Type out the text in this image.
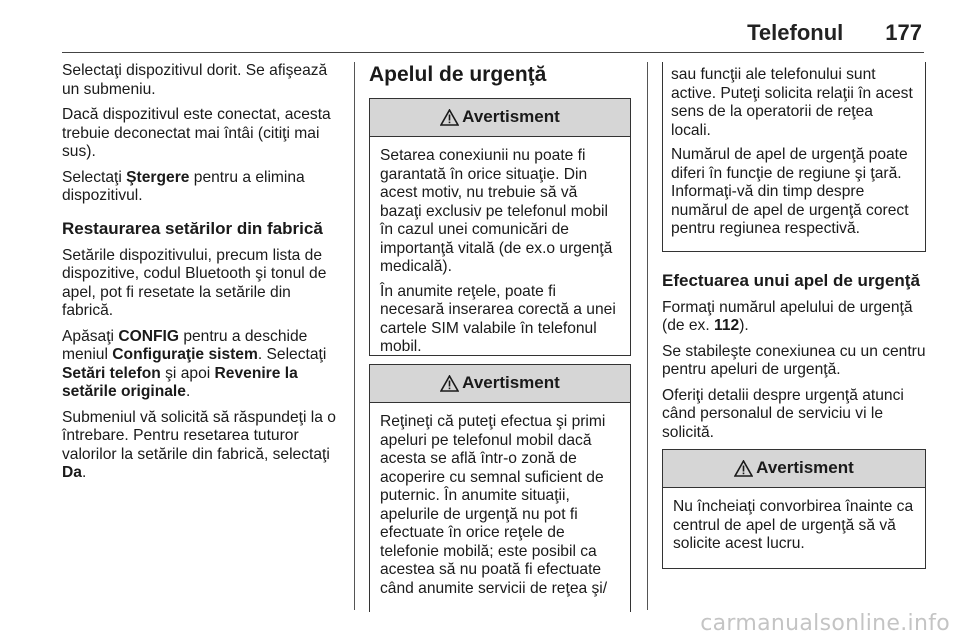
Telefonul 177

Selectaţi dispozitivul dorit. Se afişează un submeniu.

Dacă dispozitivul este conectat, acesta trebuie deconectat mai întâi (citiţi mai sus).

Selectaţi Ştergere pentru a elimina dispozitivul.

Restaurarea setărilor din fabrică

Setările dispozitivului, precum lista de dispozitive, codul Bluetooth şi tonul de apel, pot fi resetate la setările din fabrică.

Apăsaţi CONFIG pentru a deschide meniul Configuraţie sistem. Selectaţi Setări telefon şi apoi Revenire la setările originale.

Submeniul vă solicită să răspundeţi la o întrebare. Pentru resetarea tuturor valorilor la setările din fabrică, selectaţi Da.

Apelul de urgenţă
Avertisment

Setarea conexiunii nu poate fi garantată în orice situaţie. Din acest motiv, nu trebuie să vă bazaţi exclusiv pe telefonul mobil în cazul unei comunicări de importanţă vitală (de ex.o urgenţă medicală).

În anumite reţele, poate fi necesară inserarea corectă a unei cartele SIM valabile în telefonul mobil.

Avertisment

Reţineţi că puteţi efectua şi primi apeluri pe telefonul mobil dacă acesta se află într-o zonă de acoperire cu semnal suficient de puternic. În anumite situaţii, apelurile de urgenţă nu pot fi efectuate în orice reţele de telefonie mobilă; este posibil ca acestea să nu poată fi efectuate când anumite servicii de reţea şi/

sau funcţii ale telefonului sunt active. Puteţi solicita relaţii în acest sens de la operatorii de reţea locali.

Numărul de apel de urgenţă poate diferi în funcţie de regiune şi ţară. Informaţi-vă din timp despre numărul de apel de urgenţă corect pentru regiunea respectivă.

Efectuarea unui apel de urgenţă

Formaţi numărul apelului de urgenţă (de ex. 112).

Se stabileşte conexiunea cu un centru pentru apeluri de urgenţă.

Oferiţi detalii despre urgenţă atunci când personalul de serviciu vi le solicită.

Avertisment

Nu încheiaţi convorbirea înainte ca centrul de apel de urgenţă să vă solicite acest lucru.

carmanualsonline.info
